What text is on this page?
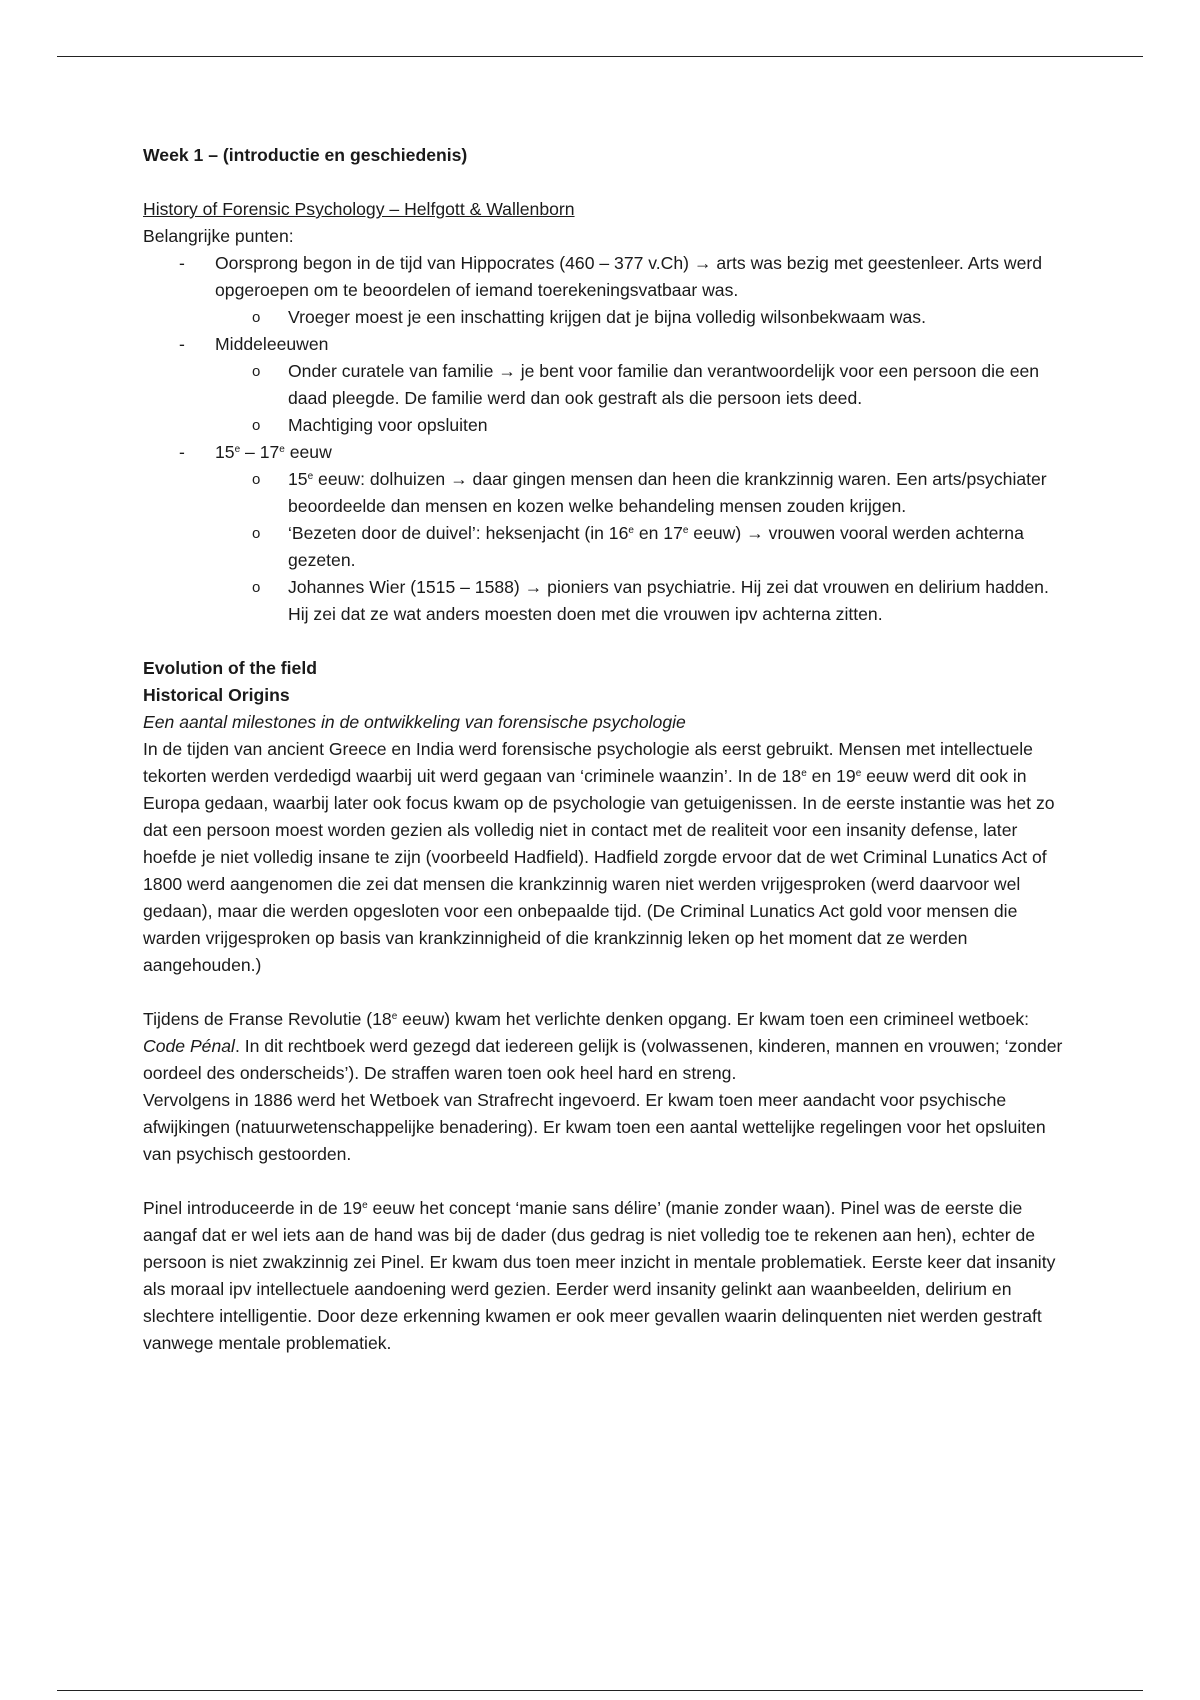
Week 1 – (introductie en geschiedenis)

History of Forensic Psychology – Helfgott & Wallenborn

Belangrijke punten:

- Oorsprong begon in de tijd van Hippocrates (460 – 377 v.Ch) → arts was bezig met geestenleer. Arts werd opgeroepen om te beoordelen of iemand toerekeningsvatbaar was.
o Vroeger moest je een inschatting krijgen dat je bijna volledig wilsonbekwaam was.
- Middeleeuwen
o Onder curatele van familie → je bent voor familie dan verantwoordelijk voor een persoon die een daad pleegde. De familie werd dan ook gestraft als die persoon iets deed.
o Machtiging voor opsluiten
- 15e – 17e eeuw
o 15e eeuw: dolhuizen → daar gingen mensen dan heen die krankzinnig waren. Een arts/psychiater beoordeelde dan mensen en kozen welke behandeling mensen zouden krijgen.
o ‘Bezeten door de duivel’: heksenjacht (in 16e en 17e eeuw) → vrouwen vooral werden achterna gezeten.
o Johannes Wier (1515 – 1588) → pioniers van psychiatrie. Hij zei dat vrouwen en delirium hadden. Hij zei dat ze wat anders moesten doen met die vrouwen ipv achterna zitten.

Evolution of the field

Historical Origins

Een aantal milestones in de ontwikkeling van forensische psychologie

In de tijden van ancient Greece en India werd forensische psychologie als eerst gebruikt. Mensen met intellectuele tekorten werden verdedigd waarbij uit werd gegaan van ‘criminele waanzin’. In de 18e en 19e eeuw werd dit ook in Europa gedaan, waarbij later ook focus kwam op de psychologie van getuigenissen. In de eerste instantie was het zo dat een persoon moest worden gezien als volledig niet in contact met de realiteit voor een insanity defense, later hoefde je niet volledig insane te zijn (voorbeeld Hadfield). Hadfield zorgde ervoor dat de wet Criminal Lunatics Act of 1800 werd aangenomen die zei dat mensen die krankzinnig waren niet werden vrijgesproken (werd daarvoor wel gedaan), maar die werden opgesloten voor een onbepaalde tijd. (De Criminal Lunatics Act gold voor mensen die warden vrijgesproken op basis van krankzinnigheid of die krankzinnig leken op het moment dat ze werden aangehouden.)

Tijdens de Franse Revolutie (18e eeuw) kwam het verlichte denken opgang. Er kwam toen een crimineel wetboek: Code Pénal. In dit rechtboek werd gezegd dat iedereen gelijk is (volwassenen, kinderen, mannen en vrouwen; ‘zonder oordeel des onderscheids’). De straffen waren toen ook heel hard en streng.

Vervolgens in 1886 werd het Wetboek van Strafrecht ingevoerd. Er kwam toen meer aandacht voor psychische afwijkingen (natuurwetenschappelijke benadering). Er kwam toen een aantal wettelijke regelingen voor het opsluiten van psychisch gestoorden.

Pinel introduceerde in de 19e eeuw het concept ‘manie sans délire’ (manie zonder waan). Pinel was de eerste die aangaf dat er wel iets aan de hand was bij de dader (dus gedrag is niet volledig toe te rekenen aan hen), echter de persoon is niet zwakzinnig zei Pinel. Er kwam dus toen meer inzicht in mentale problematiek. Eerste keer dat insanity als moraal ipv intellectuele aandoening werd gezien. Eerder werd insanity gelinkt aan waanbeelden, delirium en slechtere intelligentie. Door deze erkenning kwamen er ook meer gevallen waarin delinquenten niet werden gestraft vanwege mentale problematiek.
